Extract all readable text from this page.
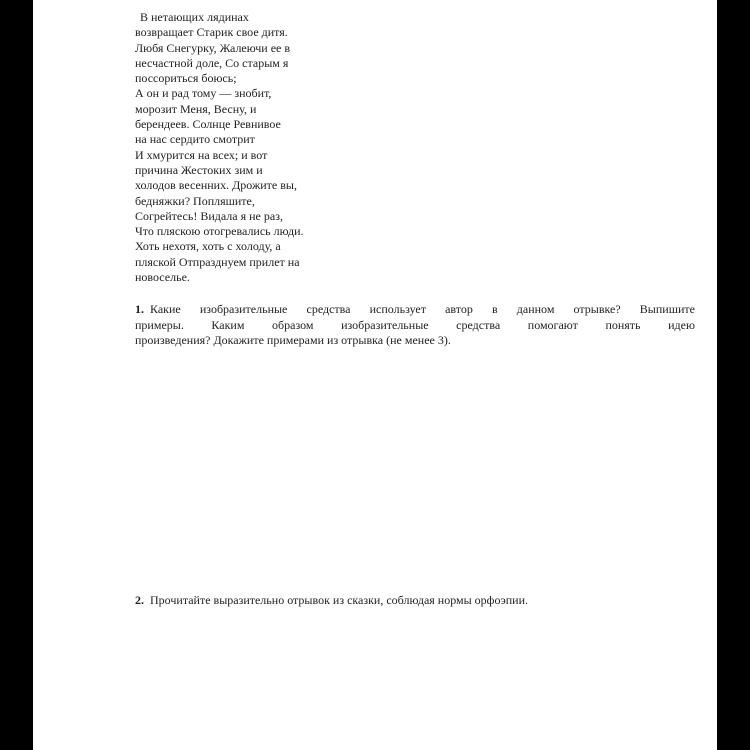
В нетающих лядинах
возвращает Старик свое дитя.
Любя Снегурку, Жалеючи ее в
несчастной доле, Со старым я
поссориться боюсь;
А он и рад тому — знобит,
морозит Меня, Весну, и
берендеев. Солнце Ревнивое
на нас сердито смотрит
И хмурится на всех; и вот
причина Жестоких зим и
холодов весенних. Дрожите вы,
бедняжки? Попляшите,
Согрейтесь! Видала я не раз,
Что пляскою отогревались люди.
Хоть нехотя, хоть с холоду, а
пляской Отпразднуем прилет на
новоселье.
1. Какие изобразительные средства использует автор в данном отрывке? Выпишите
примеры. Каким образом изобразительные средства помогают понять идею
произведения? Докажите примерами из отрывка (не менее 3).
2. Прочитайте выразительно отрывок из сказки, соблюдая нормы орфоэпии.
